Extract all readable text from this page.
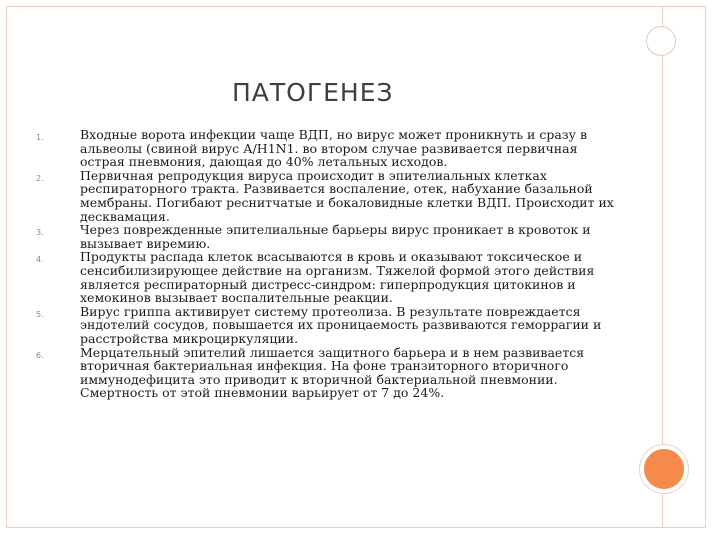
ПАТОГЕНЕЗ
1.	Входные ворота инфекции чаще ВДП, но вирус может проникнуть и сразу в альвеолы (свиной вирус А/Н1N1. во втором случае развивается первичная острая пневмония, дающая до 40% летальных исходов.
2.	Первичная репродукция вируса происходит в эпителиальных клетках респираторного тракта. Развивается воспаление, отек, набухание базальной мембраны. Погибают реснитчатые и бокаловидные клетки ВДП. Происходит их десквамация.
3.	Через поврежденные эпителиальные барьеры вирус проникает в кровоток и вызывает виремию.
4.	Продукты распада клеток всасываются в кровь и оказывают токсическое и сенсибилизирующее действие на организм. Тяжелой формой этого действия является респираторный дистресс-синдром: гиперпродукция цитокинов и хемокинов вызывает воспалительные реакции.
5.	Вирус гриппа активирует систему протеолиза. В результате повреждается эндотелий сосудов, повышается их проницаемость развиваются геморрагии и расстройства микроциркуляции.
6.	Мерцательный эпителий лишается защитного барьера и в нем развивается вторичная бактериальная инфекция. На фоне транзиторного вторичного иммунодефицита это приводит к вторичной бактериальной пневмонии. Смертность от этой пневмонии варьирует от 7 до 24%.
